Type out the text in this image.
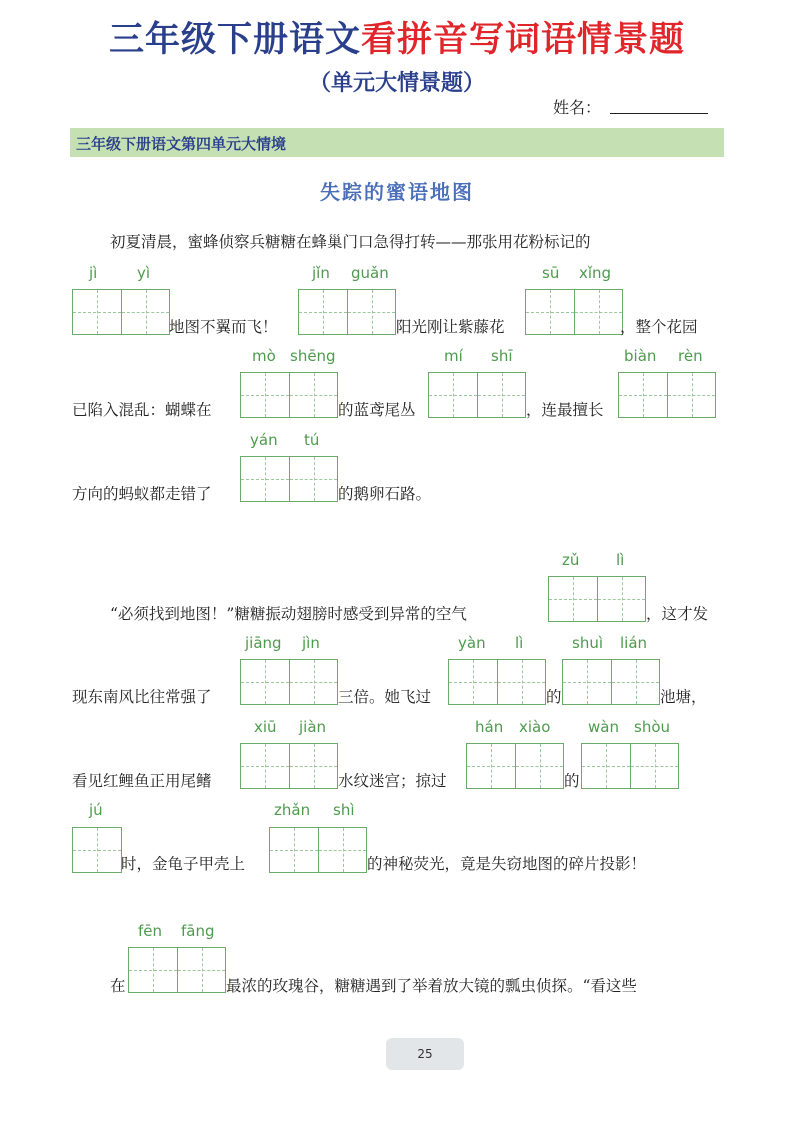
三年级下册语文看拼音写词语情景题
（单元大情景题）
姓名：
三年级下册语文第四单元大情境
失踪的蜜语地图
初夏清晨，蜜蜂侦察兵糖糖在蜂巢门口急得打转——那张用花粉标记的
jì	yì
地图不翼而飞！
jǐn guǎn
阳光刚让紫藤花
sū xǐng
，整个花园
已陷入混乱：蝴蝶在
mò shēng
的蓝鸢尾丛
mí shī
，连最擅长
biàn rèn
方向的蚂蚁都走错了
yán tú
的鹅卵石路。
“必须找到地图！”糖糖振动翅膀时感受到异常的空气
zǔ lì
，这才发
现东南风比往常强了
jiāng jìn
三倍。她飞过
yàn lì
的
shuì lián
池塘，
看见红鲤鱼正用尾鳍
xiū jiàn
水纹迷宫；掠过
hán xiào
的
wàn shòu
jú
时，金龟子甲壳上
zhǎn shì
的神秘荧光，竟是失窃地图的碎片投影！
在
fēn fāng
最浓的玫瑰谷，糖糖遇到了举着放大镜的瓢虫侦探。“看这些
25
